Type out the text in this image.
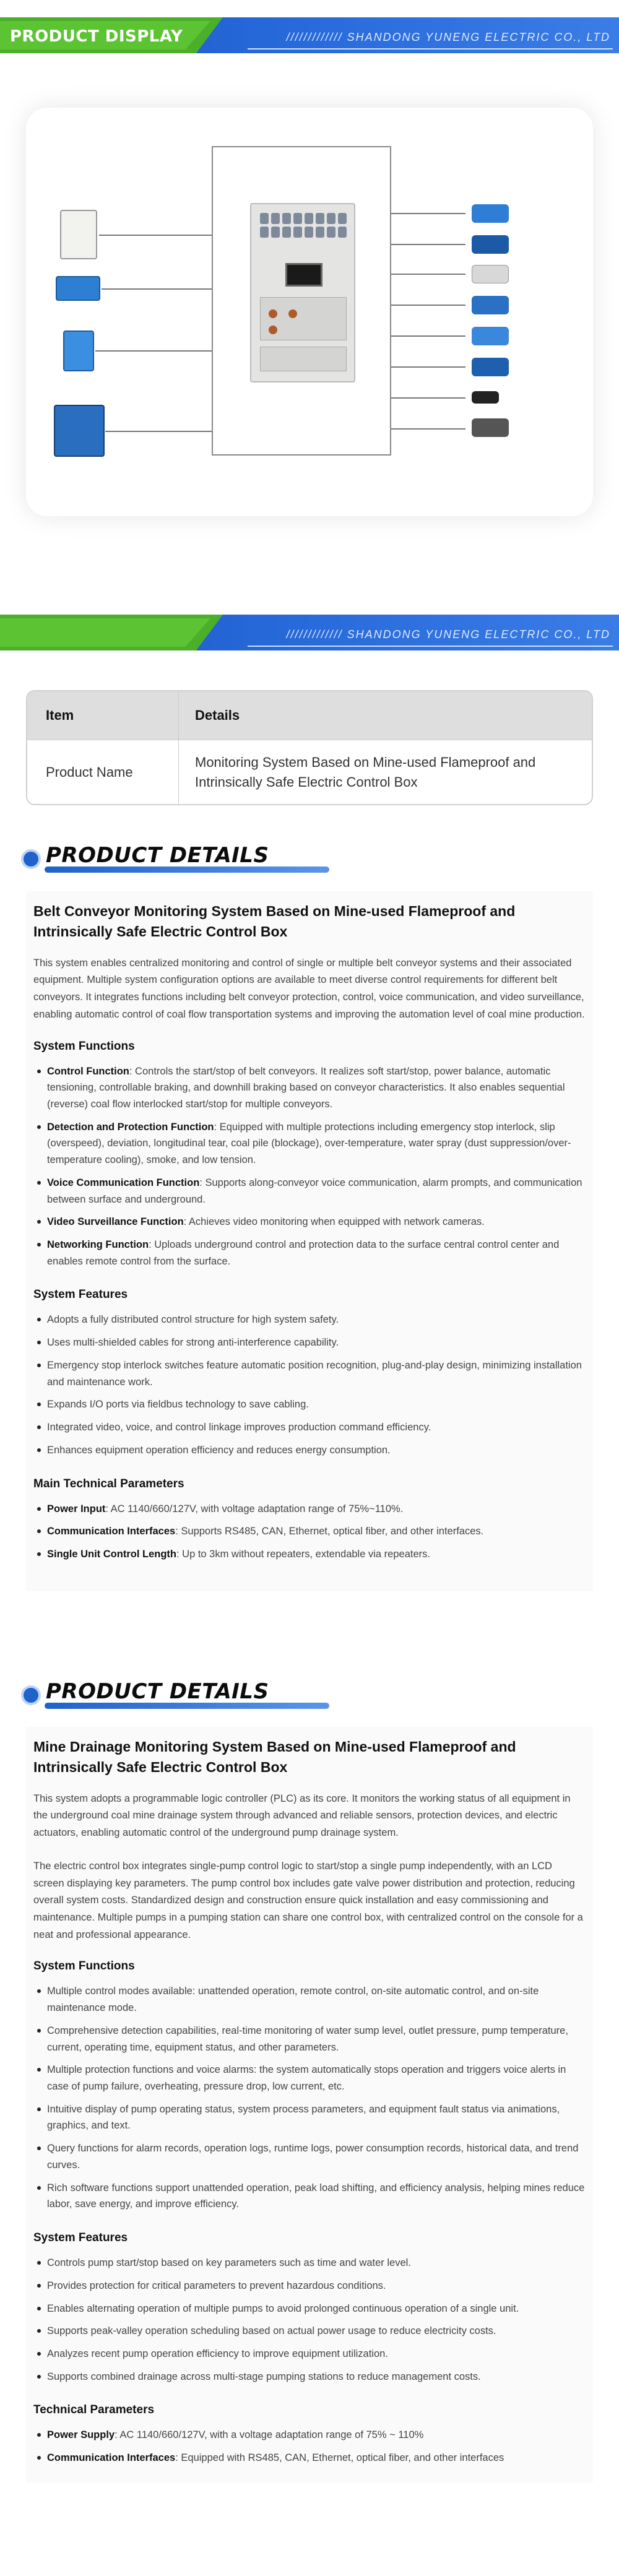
PRODUCT DISPLAY	///////////// SHANDONG YUNENG ELECTRIC CO., LTD
///////////// SHANDONG YUNENG ELECTRIC CO., LTD
Item	Details
Product Name
Monitoring System Based on Mine-used Flameproof and Intrinsically Safe Electric Control Box
PRODUCT DETAILS
Belt Conveyor Monitoring System Based on Mine-used Flameproof and Intrinsically Safe Electric Control Box

This system enables centralized monitoring and control of single or multiple belt conveyor systems and their associated equipment. Multiple system configuration options are available to meet diverse control requirements for different belt conveyors. It integrates functions including belt conveyor protection, control, voice communication, and video surveillance, enabling automatic control of coal flow transportation systems and improving the automation level of coal mine production.

System Functions
Control Function: Controls the start/stop of belt conveyors. It realizes soft start/stop, power balance, automatic tensioning, controllable braking, and downhill braking based on conveyor characteristics. It also enables sequential (reverse) coal flow interlocked start/stop for multiple conveyors.
Detection and Protection Function: Equipped with multiple protections including emergency stop interlock, slip (overspeed), deviation, longitudinal tear, coal pile (blockage), over-temperature, water spray (dust suppression/over-temperature cooling), smoke, and low tension.
Voice Communication Function: Supports along-conveyor voice communication, alarm prompts, and communication between surface and underground.
Video Surveillance Function: Achieves video monitoring when equipped with network cameras.
Networking Function: Uploads underground control and protection data to the surface central control center and enables remote control from the surface.
System Features
Adopts a fully distributed control structure for high system safety.
Uses multi-shielded cables for strong anti-interference capability.
Emergency stop interlock switches feature automatic position recognition, plug-and-play design, minimizing installation and maintenance work.
Expands I/O ports via fieldbus technology to save cabling.
Integrated video, voice, and control linkage improves production command efficiency.
Enhances equipment operation efficiency and reduces energy consumption.
Main Technical Parameters
Power Input: AC 1140/660/127V, with voltage adaptation range of 75%~110%.
Communication Interfaces: Supports RS485, CAN, Ethernet, optical fiber, and other interfaces.
Single Unit Control Length: Up to 3km without repeaters, extendable via repeaters.
PRODUCT DETAILS
Mine Drainage Monitoring System Based on Mine-used Flameproof and Intrinsically Safe Electric Control Box

This system adopts a programmable logic controller (PLC) as its core. It monitors the working status of all equipment in the underground coal mine drainage system through advanced and reliable sensors, protection devices, and electric actuators, enabling automatic control of the underground pump drainage system.

The electric control box integrates single-pump control logic to start/stop a single pump independently, with an LCD screen displaying key parameters. The pump control box includes gate valve power distribution and protection, reducing overall system costs. Standardized design and construction ensure quick installation and easy commissioning and maintenance. Multiple pumps in a pumping station can share one control box, with centralized control on the console for a neat and professional appearance.

System Functions
Multiple control modes available: unattended operation, remote control, on-site automatic control, and on-site maintenance mode.
Comprehensive detection capabilities, real-time monitoring of water sump level, outlet pressure, pump temperature, current, operating time, equipment status, and other parameters.
Multiple protection functions and voice alarms: the system automatically stops operation and triggers voice alerts in case of pump failure, overheating, pressure drop, low current, etc.
Intuitive display of pump operating status, system process parameters, and equipment fault status via animations, graphics, and text.
Query functions for alarm records, operation logs, runtime logs, power consumption records, historical data, and trend curves.
Rich software functions support unattended operation, peak load shifting, and efficiency analysis, helping mines reduce labor, save energy, and improve efficiency.
System Features
Controls pump start/stop based on key parameters such as time and water level.
Provides protection for critical parameters to prevent hazardous conditions.
Enables alternating operation of multiple pumps to avoid prolonged continuous operation of a single unit.
Supports peak-valley operation scheduling based on actual power usage to reduce electricity costs.
Analyzes recent pump operation efficiency to improve equipment utilization.
Supports combined drainage across multi-stage pumping stations to reduce management costs.
Technical Parameters
Power Supply: AC 1140/660/127V, with a voltage adaptation range of 75% ~ 110%
Communication Interfaces: Equipped with RS485, CAN, Ethernet, optical fiber, and other interfaces
